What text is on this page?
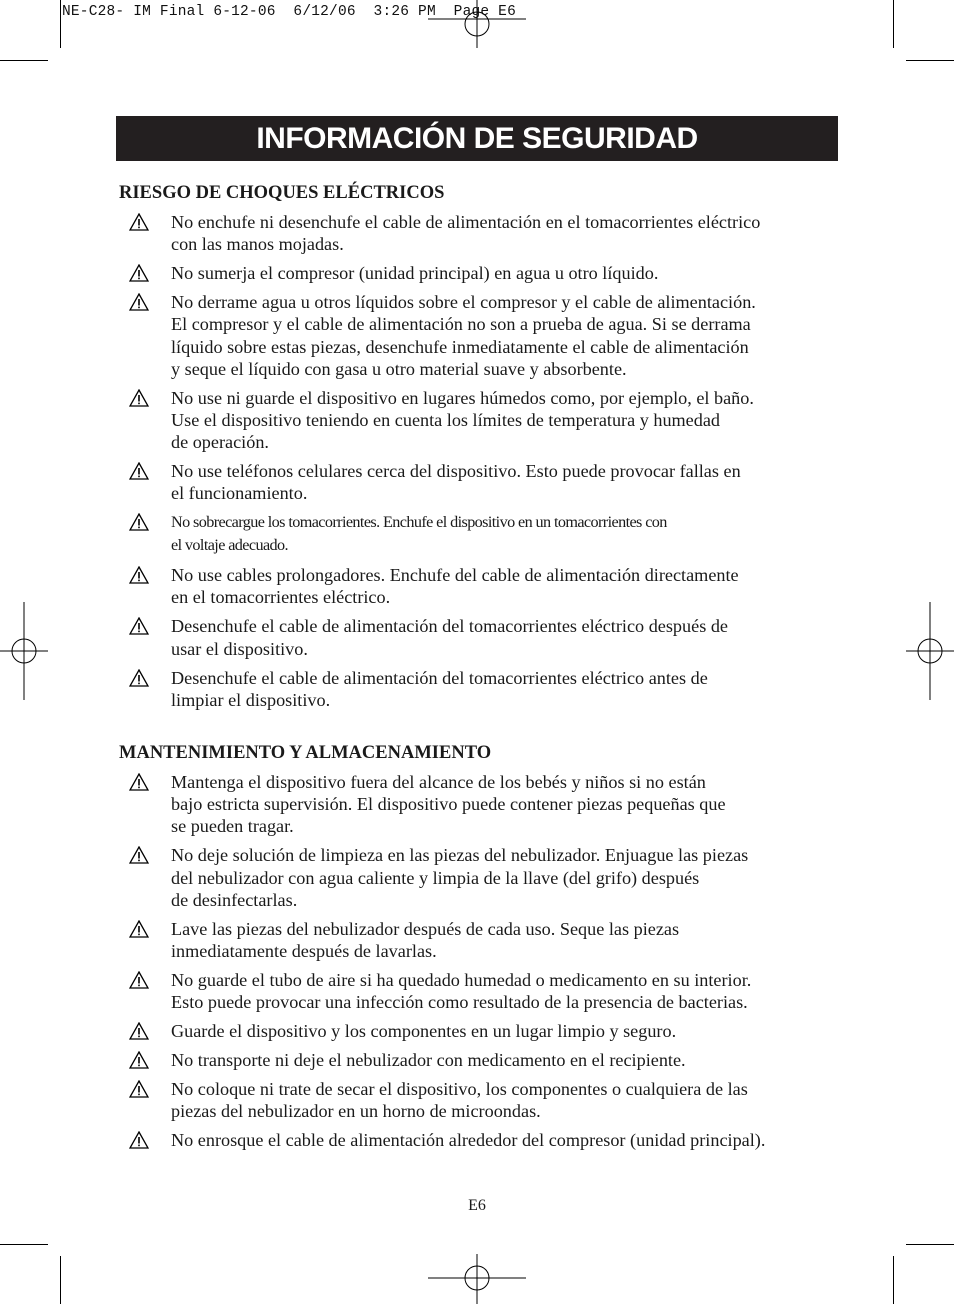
NE-C28- IM Final 6-12-06  6/12/06  3:26 PM  Page E6
INFORMACIÓN DE SEGURIDAD
RIESGO DE CHOQUES ELÉCTRICOS
No enchufe ni desenchufe el cable de alimentación en el tomacorrientes eléctrico
con las manos mojadas.
No sumerja el compresor (unidad principal) en agua u otro líquido.
No derrame agua u otros líquidos sobre el compresor y el cable de alimentación.
El compresor y el cable de alimentación no son a prueba de agua. Si se derrama
líquido sobre estas piezas, desenchufe inmediatamente el cable de alimentación
y seque el líquido con gasa u otro material suave y absorbente.
No use ni guarde el dispositivo en lugares húmedos como, por ejemplo, el baño.
Use el dispositivo teniendo en cuenta los límites de temperatura y humedad
de operación.
No use teléfonos celulares cerca del dispositivo. Esto puede provocar fallas en
el funcionamiento.
No sobrecargue los tomacorrientes. Enchufe el dispositivo en un tomacorrientes con
el voltaje adecuado.
No use cables prolongadores. Enchufe del cable de alimentación directamente
en el tomacorrientes eléctrico.
Desenchufe el cable de alimentación del tomacorrientes eléctrico después de
usar el dispositivo.
Desenchufe el cable de alimentación del tomacorrientes eléctrico antes de
limpiar el dispositivo.
MANTENIMIENTO Y ALMACENAMIENTO
Mantenga el dispositivo fuera del alcance de los bebés y niños si no están
bajo estricta supervisión. El dispositivo puede contener piezas pequeñas que
se pueden tragar.
No deje solución de limpieza en las piezas del nebulizador. Enjuague las piezas
del nebulizador con agua caliente y limpia de la llave (del grifo) después
de desinfectarlas.
Lave las piezas del nebulizador después de cada uso. Seque las piezas
inmediatamente después de lavarlas.
No guarde el tubo de aire si ha quedado humedad o medicamento en su interior.
Esto puede provocar una infección como resultado de la presencia de bacterias.
Guarde el dispositivo y los componentes en un lugar limpio y seguro.
No transporte ni deje el nebulizador con medicamento en el recipiente.
No coloque ni trate de secar el dispositivo, los componentes o cualquiera de las
piezas del nebulizador en un horno de microondas.
No enrosque el cable de alimentación alrededor del compresor (unidad principal).
E6
